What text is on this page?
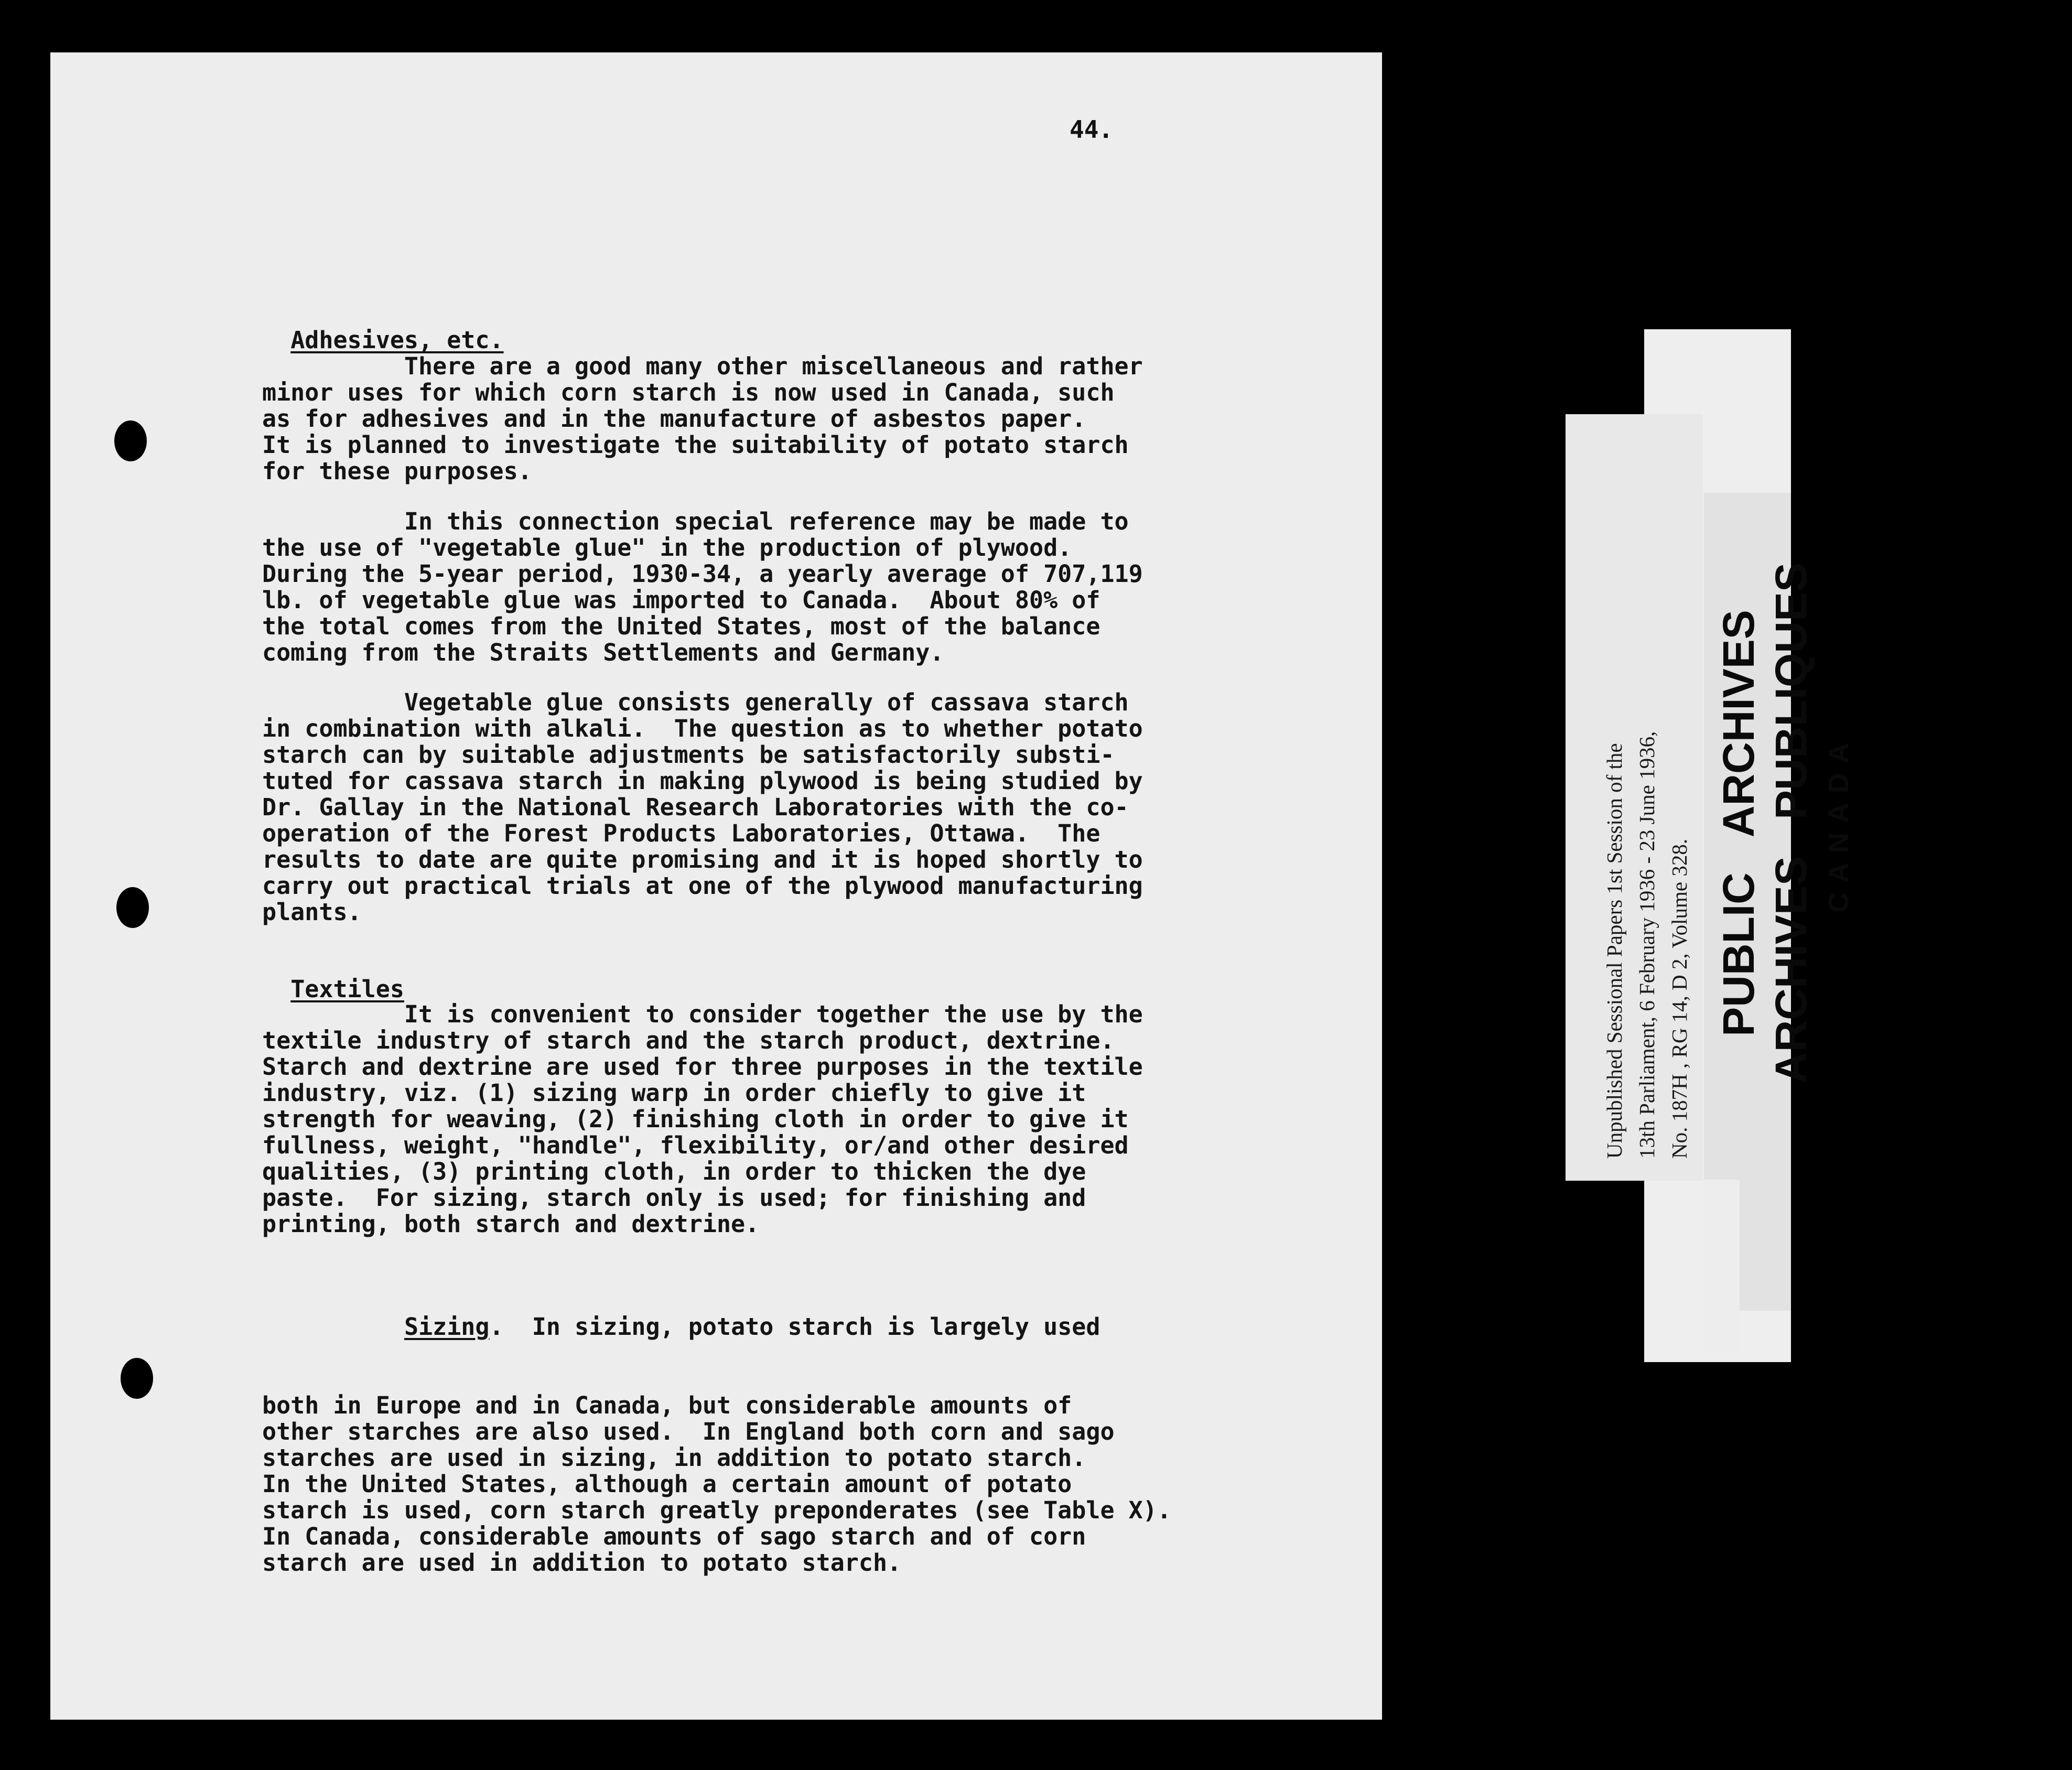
44.

Adhesives, etc.

There are a good many other miscellaneous and rather
minor uses for which corn starch is now used in Canada, such
as for adhesives and in the manufacture of asbestos paper.
It is planned to investigate the suitability of potato starch
for these purposes.
In this connection special reference may be made to
the use of "vegetable glue" in the production of plywood.
During the 5-year period, 1930-34, a yearly average of 707,119
lb. of vegetable glue was imported to Canada.  About 80% of
the total comes from the United States, most of the balance
coming from the Straits Settlements and Germany.
Vegetable glue consists generally of cassava starch
in combination with alkali.  The question as to whether potato
starch can by suitable adjustments be satisfactorily substi-
tuted for cassava starch in making plywood is being studied by
Dr. Gallay in the National Research Laboratories with the co-
operation of the Forest Products Laboratories, Ottawa.  The
results to date are quite promising and it is hoped shortly to
carry out practical trials at one of the plywood manufacturing
plants.

Textiles

It is convenient to consider together the use by the
textile industry of starch and the starch product, dextrine.
Starch and dextrine are used for three purposes in the textile
industry, viz. (1) sizing warp in order chiefly to give it
strength for weaving, (2) finishing cloth in order to give it
fullness, weight, "handle", flexibility, or/and other desired
qualities, (3) printing cloth, in order to thicken the dye
paste.  For sizing, starch only is used; for finishing and
printing, both starch and dextrine.

Sizing.  In sizing, potato starch is largely used

both in Europe and in Canada, but considerable amounts of
other starches are also used.  In England both corn and sago
starches are used in sizing, in addition to potato starch.
In the United States, although a certain amount of potato
starch is used, corn starch greatly preponderates (see Table X).
In Canada, considerable amounts of sago starch and of corn
starch are used in addition to potato starch.

Unpublished Sessional Papers 1st Session of the 13th Parliament, 6 February 1936 - 23 June 1936, No. 187H , RG 14, D 2, Volume 328. PUBLIC   ARCHIVES ARCHIVES   PUBLIQUES CANADA
